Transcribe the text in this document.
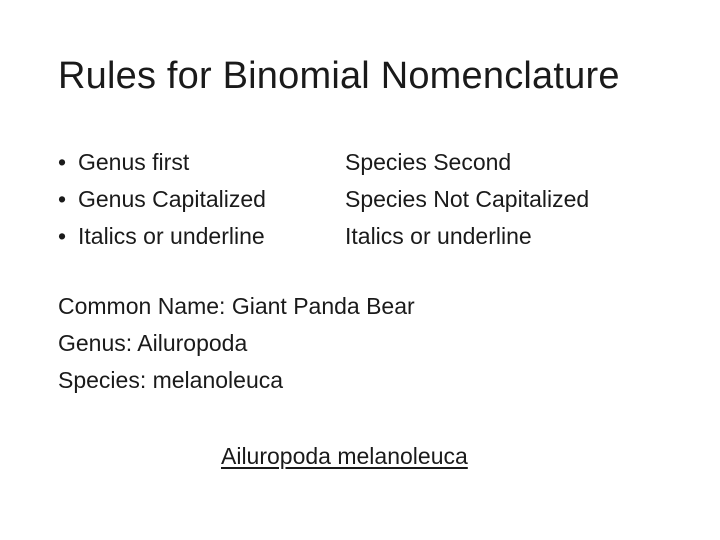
Rules for Binomial Nomenclature
• Genus first
• Genus Capitalized
• Italics or underline
Species Second
Species Not Capitalized
Italics or underline
Common Name: Giant Panda Bear
Genus: Ailuropoda
Species: melanoleuca
Ailuropoda melanoleuca
